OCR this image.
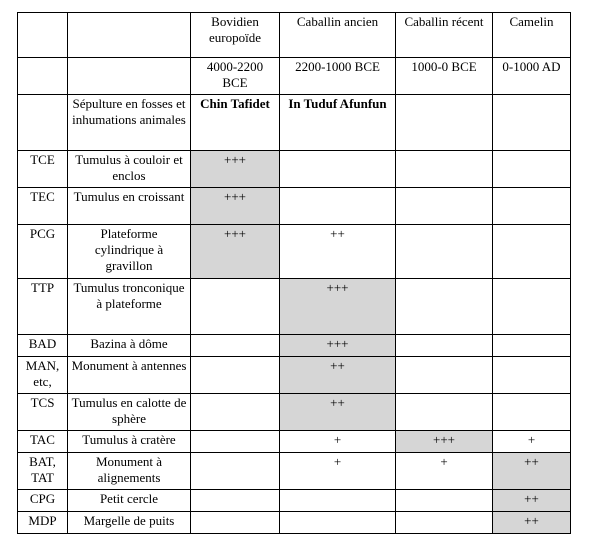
		Bovidien europoïde	Caballin ancien	Caballin récent	Camelin
		4000-2200 BCE	2200-1000 BCE	1000-0 BCE	0-1000 AD
	Sépulture en fosses et inhumations animales	Chin Tafidet	In Tuduf Afunfun		
TCE	Tumulus à couloir et enclos	+++			
TEC	Tumulus en croissant	+++			
PCG	Plateforme cylindrique à gravillon	+++	++		
TTP	Tumulus tronconique à plateforme		+++		
BAD	Bazina à dôme		+++		
MAN, etc,	Monument à antennes		++		
TCS	Tumulus en calotte de sphère		++		
TAC	Tumulus à cratère		+	+++	+
BAT, TAT	Monument à alignements		+	+	++
CPG	Petit cercle				++
MDP	Margelle de puits				++
